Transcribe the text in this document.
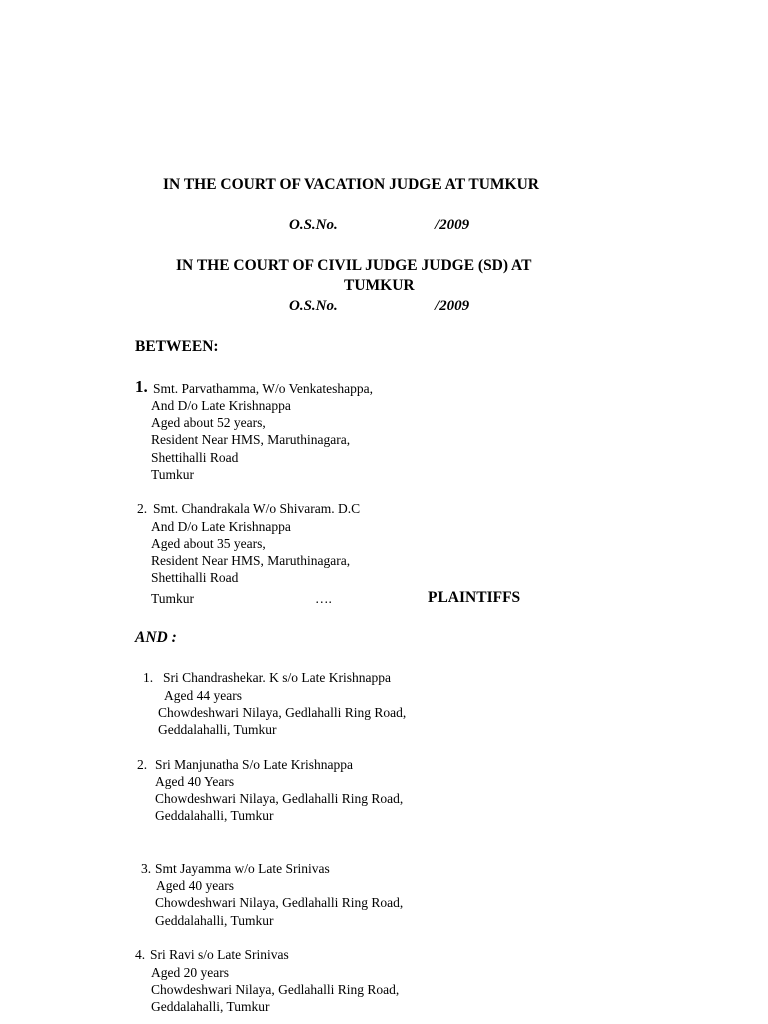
IN THE COURT OF VACATION JUDGE AT TUMKUR
O.S.No.	/2009
IN THE COURT OF CIVIL JUDGE JUDGE (SD) AT
TUMKUR
O.S.No.	/2009
BETWEEN:
1. Smt. Parvathamma, W/o Venkateshappa,
And D/o Late Krishnappa
Aged about 52 years,
Resident Near HMS, Maruthinagara,
Shettihalli Road
Tumkur
2. Smt. Chandrakala W/o Shivaram. D.C
And D/o Late Krishnappa
Aged about 35 years,
Resident Near HMS, Maruthinagara,
Shettihalli Road
Tumkur	….	PLAINTIFFS
AND :
1. Sri Chandrashekar. K s/o Late Krishnappa
Aged 44 years
Chowdeshwari Nilaya, Gedlahalli Ring Road,
Geddalahalli, Tumkur
2. Sri Manjunatha S/o Late Krishnappa
Aged 40 Years
Chowdeshwari Nilaya, Gedlahalli Ring Road,
Geddalahalli, Tumkur
3. Smt Jayamma w/o Late Srinivas
Aged 40 years
Chowdeshwari Nilaya, Gedlahalli Ring Road,
Geddalahalli, Tumkur
4. Sri Ravi s/o Late Srinivas
Aged 20 years
Chowdeshwari Nilaya, Gedlahalli Ring Road,
Geddalahalli, Tumkur
